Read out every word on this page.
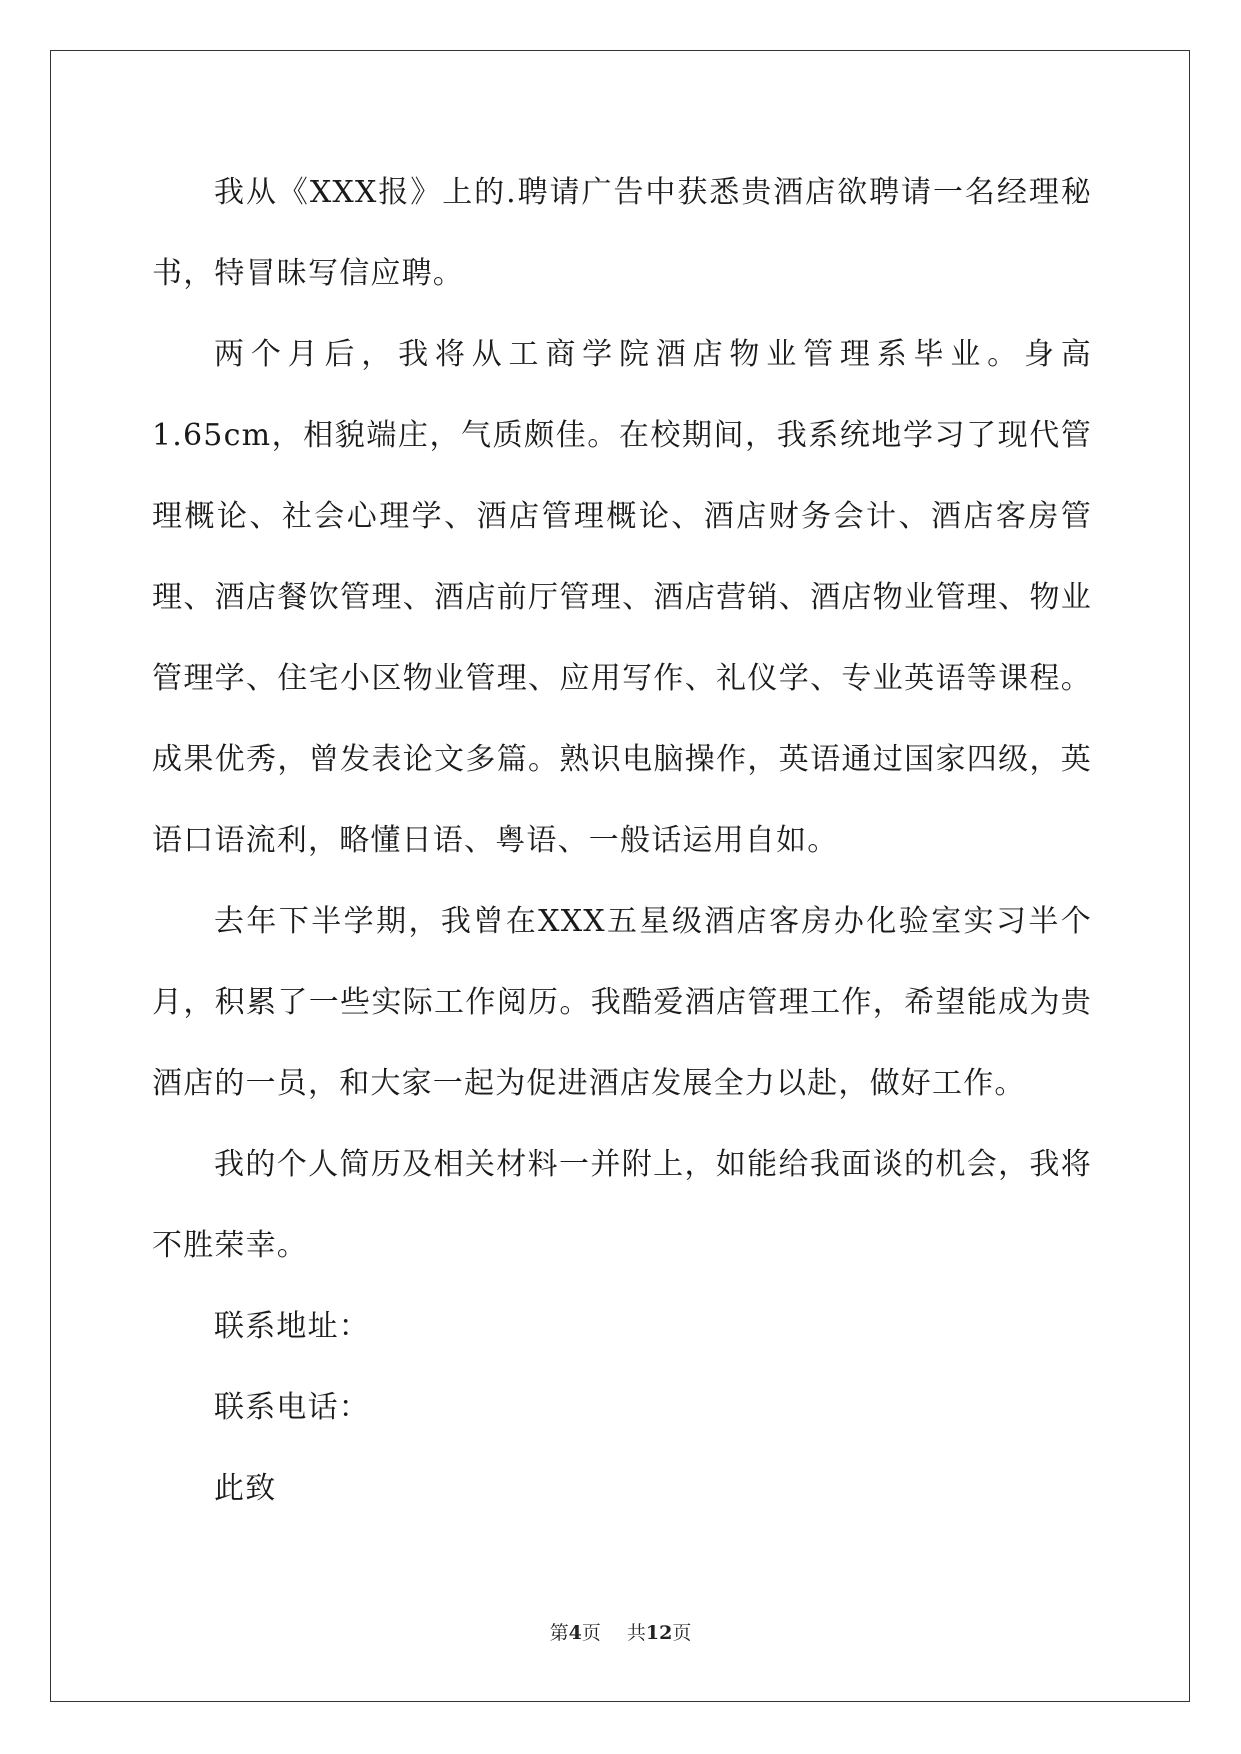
我从《XXX报》上的.聘请广告中获悉贵酒店欲聘请一名经理秘书，特冒昧写信应聘。

两个月后，我将从工商学院酒店物业管理系毕业。身高1.65cm，相貌端庄，气质颇佳。在校期间，我系统地学习了现代管理概论、社会心理学、酒店管理概论、酒店财务会计、酒店客房管理、酒店餐饮管理、酒店前厅管理、酒店营销、酒店物业管理、物业管理学、住宅小区物业管理、应用写作、礼仪学、专业英语等课程。成果优秀，曾发表论文多篇。熟识电脑操作，英语通过国家四级，英语口语流利，略懂日语、粤语、一般话运用自如。

去年下半学期，我曾在XXX五星级酒店客房办化验室实习半个月，积累了一些实际工作阅历。我酷爱酒店管理工作，希望能成为贵酒店的一员，和大家一起为促进酒店发展全力以赴，做好工作。

我的个人简历及相关材料一并附上，如能给我面谈的机会，我将不胜荣幸。

联系地址：

联系电话：

此致

第4页 共12页
